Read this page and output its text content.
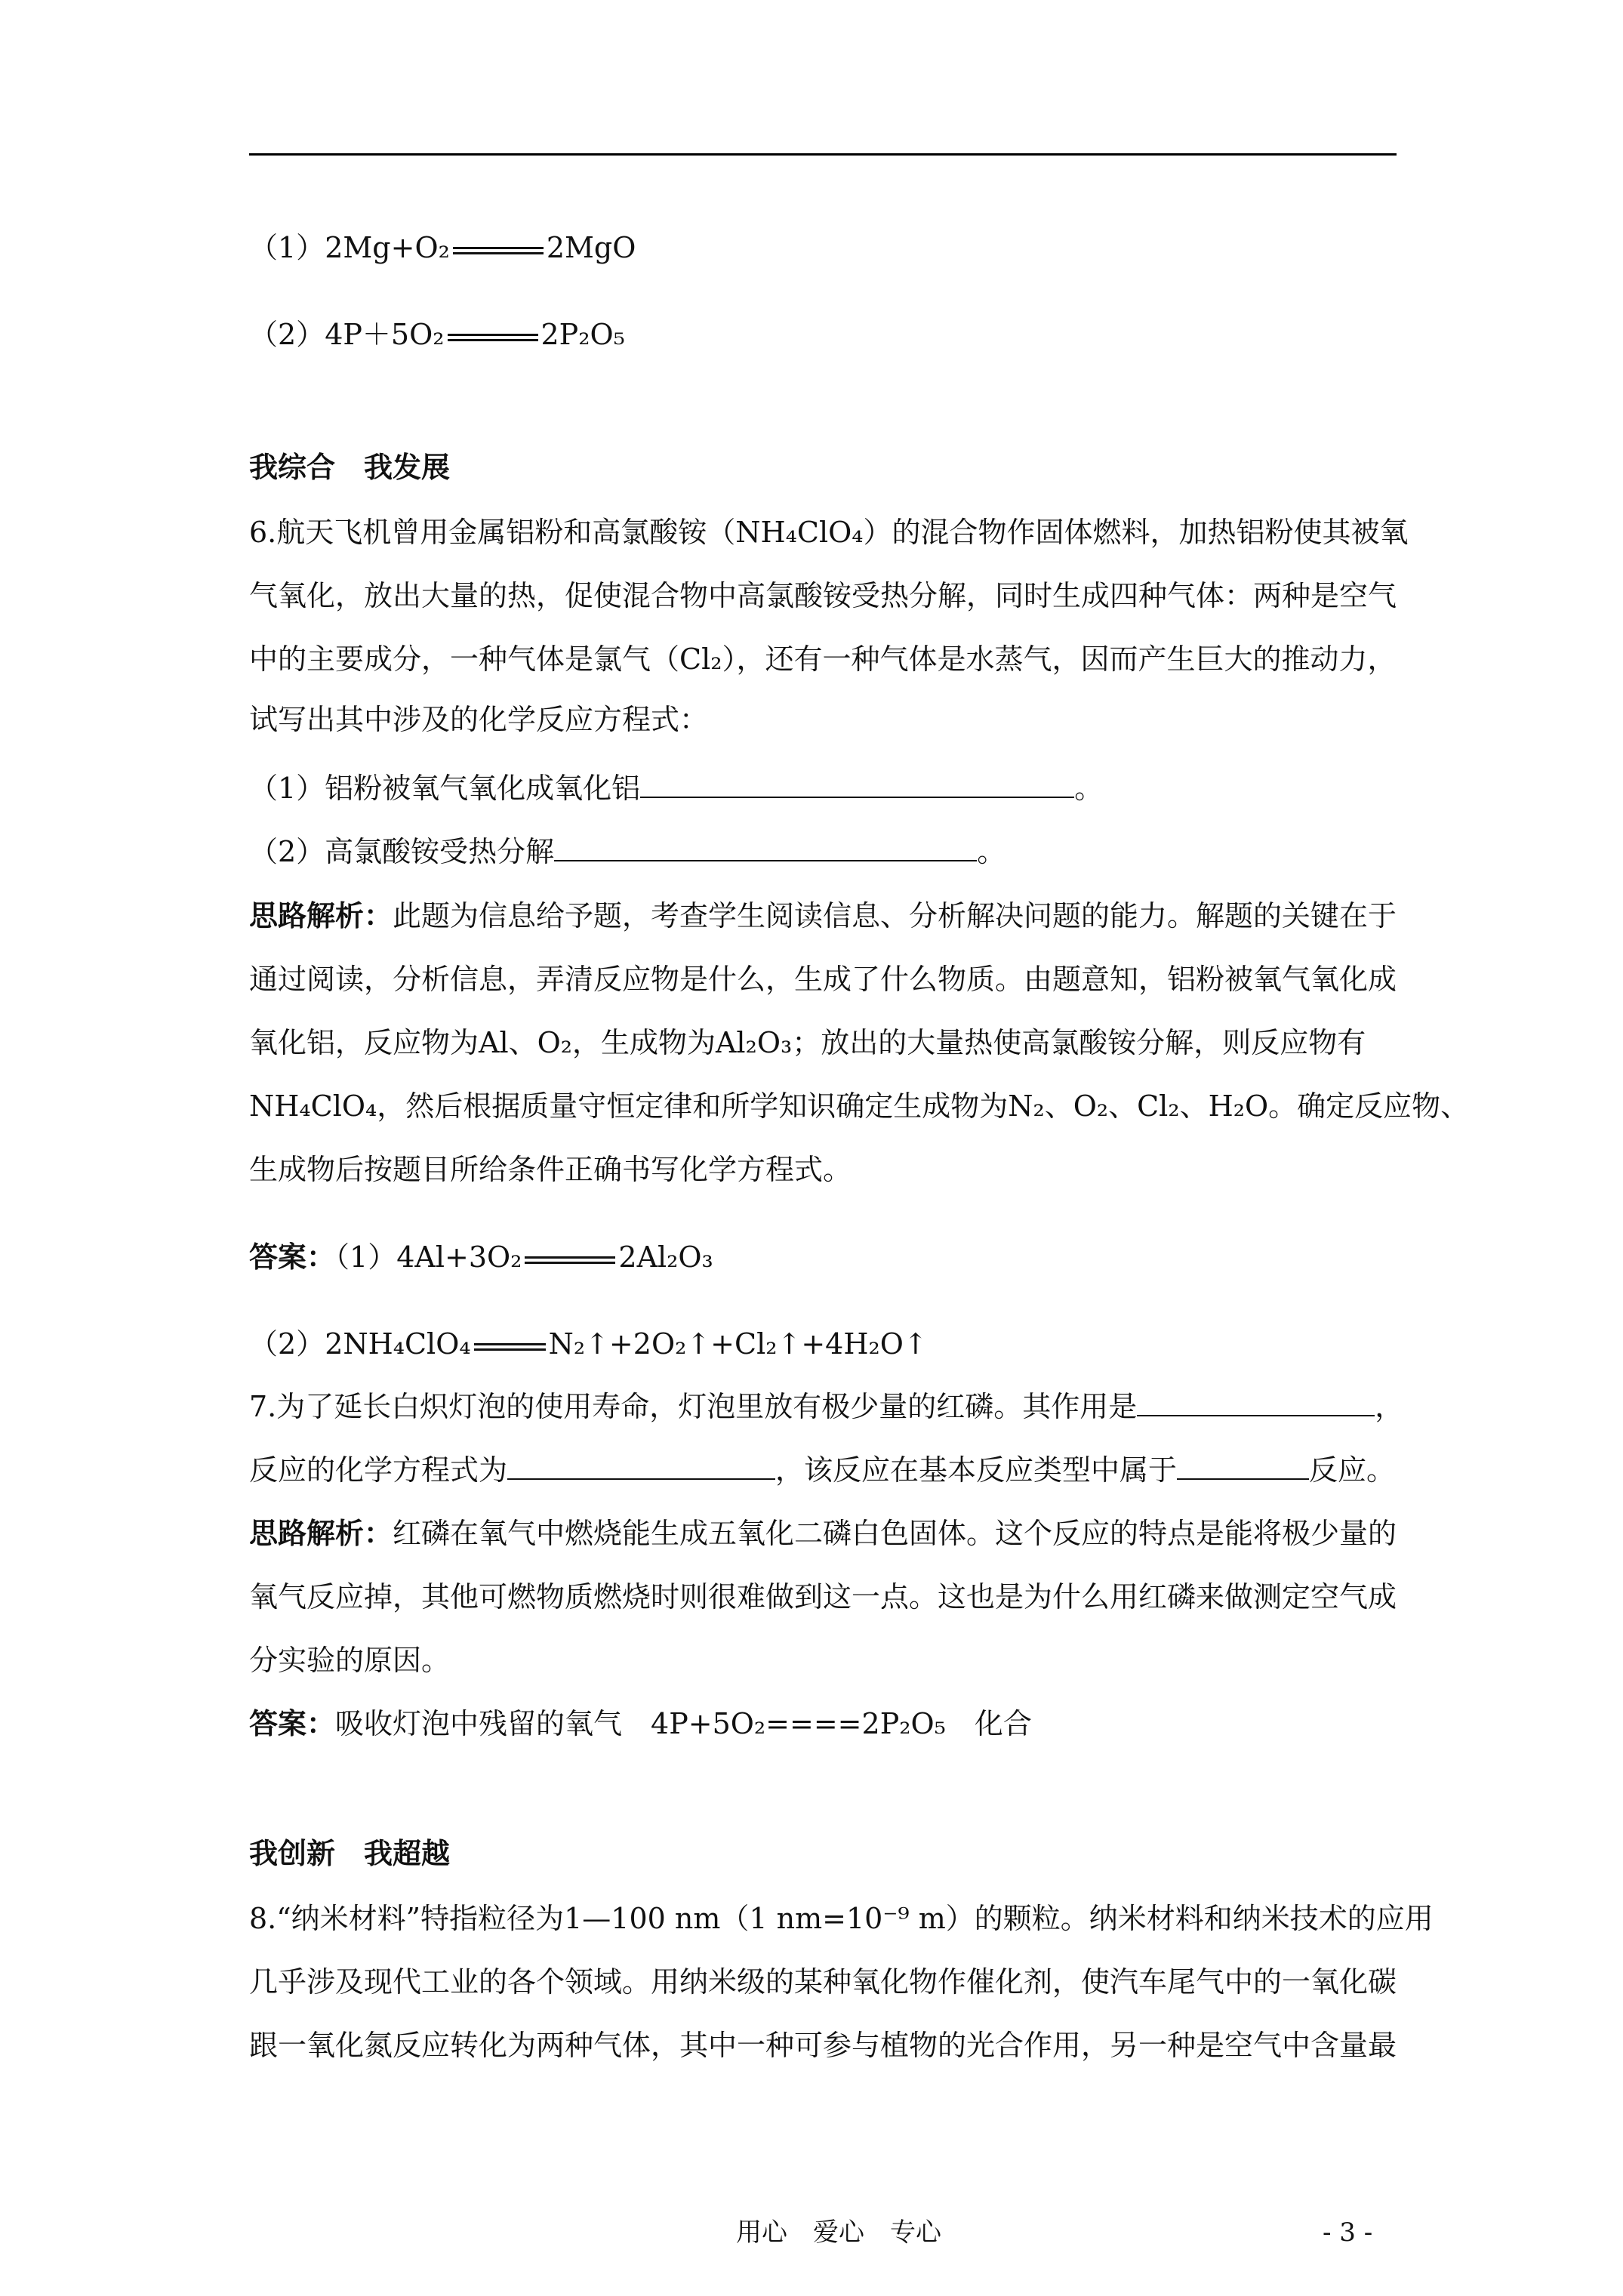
（1）2Mg+O₂	2MgO
（2）4P＋5O₂	2P₂O₅
我综合　我发展
6.航天飞机曾用金属铝粉和高氯酸铵（NH₄ClO₄）的混合物作固体燃料，加热铝粉使其被氧
气氧化，放出大量的热，促使混合物中高氯酸铵受热分解，同时生成四种气体：两种是空气
中的主要成分，一种气体是氯气（Cl₂），还有一种气体是水蒸气，因而产生巨大的推动力，
试写出其中涉及的化学反应方程式：
（1）铝粉被氧气氧化成氧化铝	。
（2）高氯酸铵受热分解	。
思路解析：此题为信息给予题，考查学生阅读信息、分析解决问题的能力。解题的关键在于
通过阅读，分析信息，弄清反应物是什么，生成了什么物质。由题意知，铝粉被氧气氧化成
氧化铝，反应物为Al、O₂，生成物为Al₂O₃；放出的大量热使高氯酸铵分解，则反应物有
NH₄ClO₄，然后根据质量守恒定律和所学知识确定生成物为N₂、O₂、Cl₂、H₂O。确定反应物、
生成物后按题目所给条件正确书写化学方程式。
答案：（1）4Al+3O₂	2Al₂O₃
（2）2NH₄ClO₄	N₂↑+2O₂↑+Cl₂↑+4H₂O↑
7.为了延长白炽灯泡的使用寿命，灯泡里放有极少量的红磷。其作用是	，
反应的化学方程式为	，该反应在基本反应类型中属于	反应。
思路解析：红磷在氧气中燃烧能生成五氧化二磷白色固体。这个反应的特点是能将极少量的
氧气反应掉，其他可燃物质燃烧时则很难做到这一点。这也是为什么用红磷来做测定空气成
分实验的原因。
答案：吸收灯泡中残留的氧气　4P+5O₂====2P₂O₅　化合
我创新　我超越
8.“纳米材料”特指粒径为1—100 nm（1 nm=10⁻⁹ m）的颗粒。纳米材料和纳米技术的应用
几乎涉及现代工业的各个领域。用纳米级的某种氧化物作催化剂，使汽车尾气中的一氧化碳
跟一氧化氮反应转化为两种气体，其中一种可参与植物的光合作用，另一种是空气中含量最
用心　爱心　专心	- 3 -
